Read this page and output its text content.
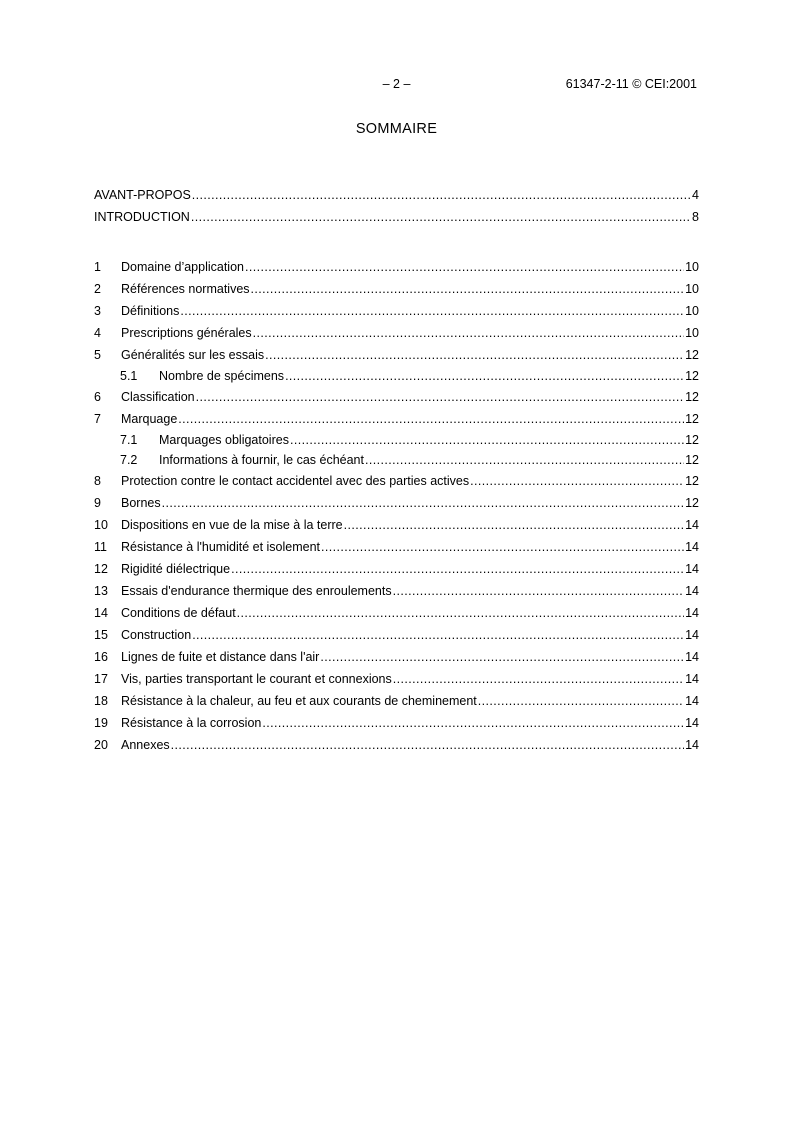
– 2 –	61347-2-11 © CEI:2001
SOMMAIRE
AVANT-PROPOS .....	4
INTRODUCTION .....	8
1 Domaine d’application .....	10
2 Références normatives .....	10
3 Définitions .....	10
4 Prescriptions générales .....	10
5 Généralités sur les essais .....	12
5.1 Nombre de spécimens .....	12
6 Classification .....	12
7 Marquage .....	12
7.1 Marquages obligatoires .....	12
7.2 Informations à fournir, le cas échéant .....	12
8 Protection contre le contact accidentel avec des parties actives .....	12
9 Bornes .....	12
10 Dispositions en vue de la mise à la terre .....	14
11 Résistance à l'humidité et isolement .....	14
12 Rigidité diélectrique .....	14
13 Essais d'endurance thermique des enroulements .....	14
14 Conditions de défaut .....	14
15 Construction .....	14
16 Lignes de fuite et distance dans l'air .....	14
17 Vis, parties transportant le courant et connexions .....	14
18 Résistance à la chaleur, au feu et aux courants de cheminement .....	14
19 Résistance à la corrosion .....	14
20 Annexes .....	14
